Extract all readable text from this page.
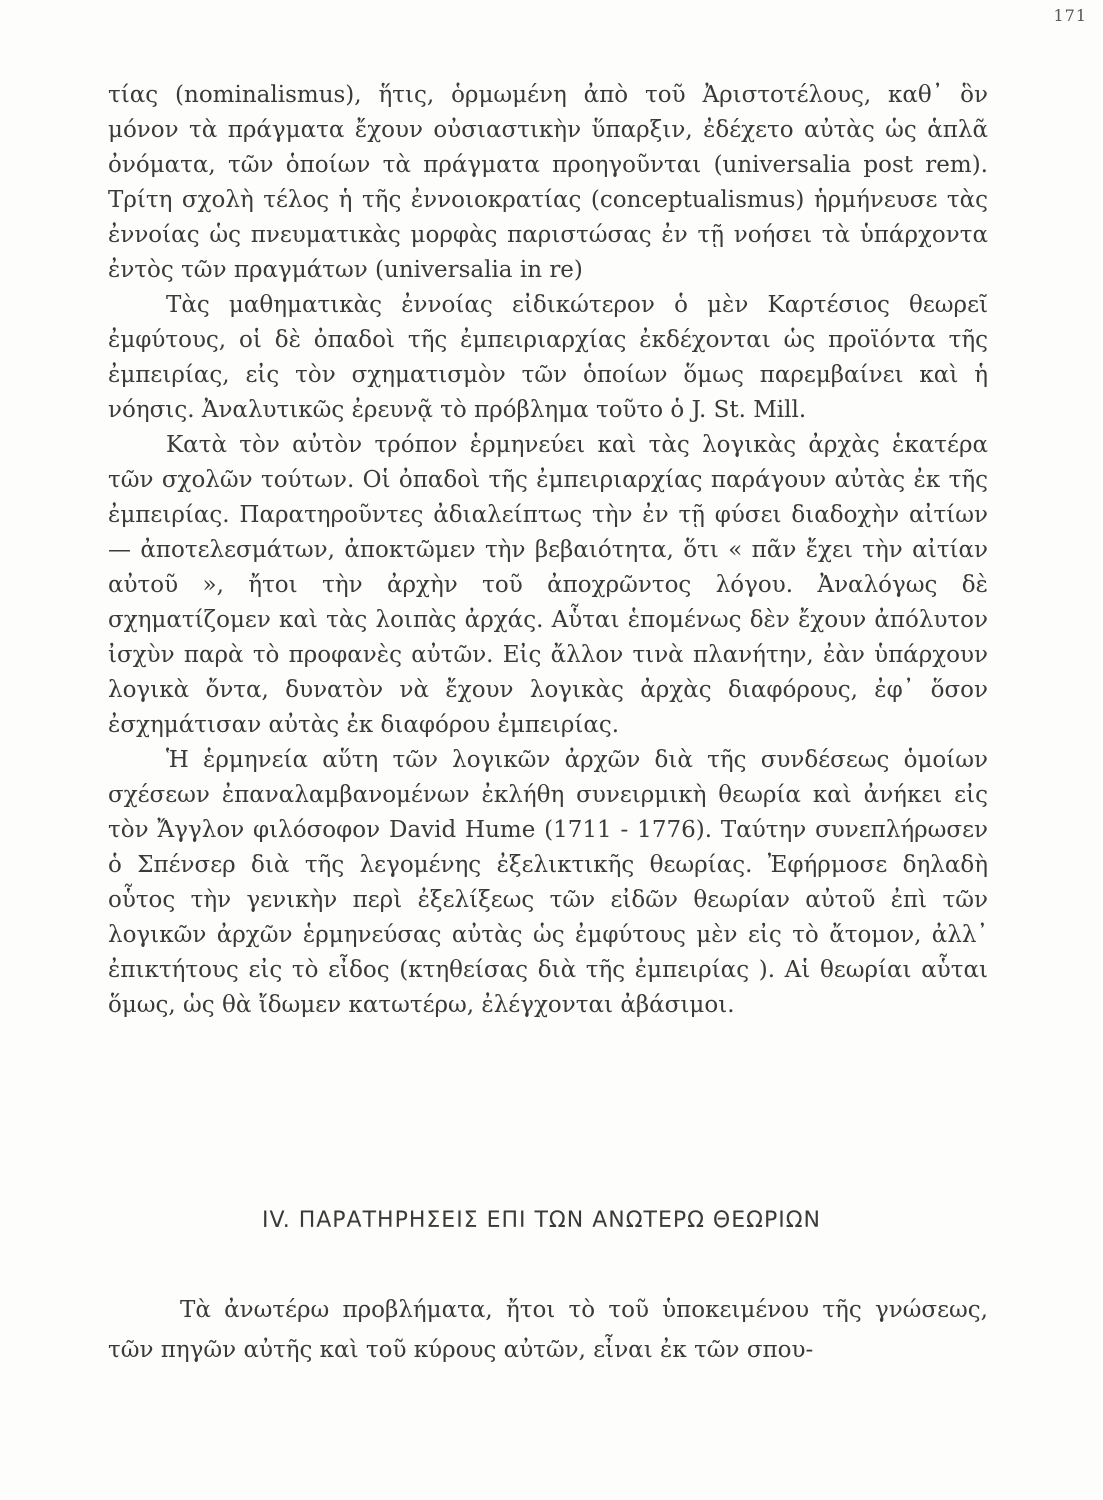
171

τίας (nominalismus), ἥτις, ὁρμωμένη ἀπὸ τοῦ Ἀριστοτέλους, καθ᾽ ὃν μόνον τὰ πράγματα ἔχουν οὐσιαστικὴν ὕπαρξιν, ἐδέχετο αὐτὰς ὡς ἁπλᾶ ὀνόματα, τῶν ὁποίων τὰ πράγματα προηγοῦνται (universalia post rem). Τρίτη σχολὴ τέλος ἡ τῆς ἐννοιοκρατίας (conceptualismus) ἡρμήνευσε τὰς ἐννοίας ὡς πνευματικὰς μορφὰς παριστώσας ἐν τῇ νοήσει τὰ ὑπάρχοντα ἐντὸς τῶν πραγμάτων (universalia in re)

Τὰς μαθηματικὰς ἐννοίας εἰδικώτερον ὁ μὲν Καρτέσιος θεωρεῖ ἐμφύτους, οἱ δὲ ὀπαδοὶ τῆς ἐμπειριαρχίας ἐκδέχονται ὡς προϊόντα τῆς ἐμπειρίας, εἰς τὸν σχηματισμὸν τῶν ὁποίων ὅμως παρεμβαίνει καὶ ἡ νόησις. Ἀναλυτικῶς ἐρευνᾷ τὸ πρόβλημα τοῦτο ὁ J. St. Mill.

Κατὰ τὸν αὐτὸν τρόπον ἑρμηνεύει καὶ τὰς λογικὰς ἀρχὰς ἑκατέρα τῶν σχολῶν τούτων. Οἱ ὀπαδοὶ τῆς ἐμπειριαρχίας παράγουν αὐτὰς ἐκ τῆς ἐμπειρίας. Παρατηροῦντες ἀδιαλείπτως τὴν ἐν τῇ φύσει διαδοχὴν αἰτίων — ἀποτελεσμάτων, ἀποκτῶμεν τὴν βεβαιότητα, ὅτι « πᾶν ἔχει τὴν αἰτίαν αὐτοῦ », ἤτοι τὴν ἀρχὴν τοῦ ἀποχρῶντος λόγου. Ἀναλόγως δὲ σχηματίζομεν καὶ τὰς λοιπὰς ἀρχάς. Αὗται ἑπομένως δὲν ἔχουν ἀπόλυτον ἰσχὺν παρὰ τὸ προφανὲς αὐτῶν. Εἰς ἄλλον τινὰ πλανήτην, ἐὰν ὑπάρχουν λογικὰ ὄντα, δυνατὸν νὰ ἔχουν λογικὰς ἀρχὰς διαφόρους, ἐφ᾽ ὅσον ἐσχημάτισαν αὐτὰς ἐκ διαφόρου ἐμπειρίας.

Ἡ ἑρμηνεία αὕτη τῶν λογικῶν ἀρχῶν διὰ τῆς συνδέσεως ὁμοίων σχέσεων ἐπαναλαμβανομένων ἐκλήθη συνειρμικὴ θεωρία καὶ ἀνήκει εἰς τὸν Ἄγγλον φιλόσοφον David Hume (1711 - 1776). Ταύτην συνεπλήρωσεν ὁ Σπένσερ διὰ τῆς λεγομένης ἐξελικτικῆς θεωρίας. Ἐφήρμοσε δηλαδὴ οὗτος τὴν γενικὴν περὶ ἐξελίξεως τῶν εἰδῶν θεωρίαν αὐτοῦ ἐπὶ τῶν λογικῶν ἀρχῶν ἑρμηνεύσας αὐτὰς ὡς ἐμφύτους μὲν εἰς τὸ ἄτομον, ἀλλ᾽ ἐπικτήτους εἰς τὸ εἶδος (κτηθείσας διὰ τῆς ἐμπειρίας ). Αἱ θεωρίαι αὗται ὅμως, ὡς θὰ ἴδωμεν κατωτέρω, ἐλέγχονται ἀβάσιμοι.

IV. ΠΑΡΑΤΗΡΗΣΕΙΣ ΕΠΙ ΤΩΝ ΑΝΩΤΕΡΩ ΘΕΩΡΙΩΝ

Τὰ ἀνωτέρω προβλήματα, ἤτοι τὸ τοῦ ὑποκειμένου τῆς γνώσεως, τῶν πηγῶν αὐτῆς καὶ τοῦ κύρους αὐτῶν, εἶναι ἐκ τῶν σπου-
